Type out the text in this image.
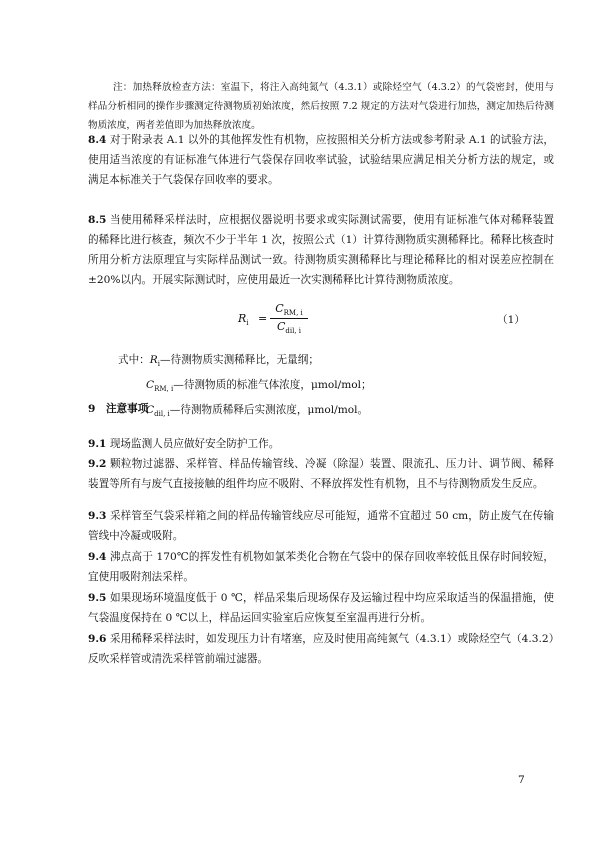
注：加热释放检查方法：室温下，将注入高纯氮气（4.3.1）或除烃空气（4.3.2）的气袋密封，使用与样品分析相同的操作步骤测定待测物质初始浓度，然后按照 7.2 规定的方法对气袋进行加热，测定加热后待测物质浓度，两者差值即为加热释放浓度。
8.4 对于附录表 A.1 以外的其他挥发性有机物，应按照相关分析方法或参考附录 A.1 的试验方法，使用适当浓度的有证标准气体进行气袋保存回收率试验，试验结果应满足相关分析方法的规定，或满足本标准关于气袋保存回收率的要求。
8.5 当使用稀释采样法时，应根据仪器说明书要求或实际测试需要，使用有证标准气体对稀释装置的稀释比进行核查，频次不少于半年 1 次，按照公式（1）计算待测物质实测稀释比。稀释比核查时所用分析方法原理宜与实际样品测试一致。待测物质实测稀释比与理论稀释比的相对误差应控制在±20%以内。开展实际测试时，应使用最近一次实测稀释比计算待测物质浓度。
$R_i$ =
$C_{RM, i}$
$C_{dil, i}$
（1）
式中：$R_i—$待测物质实测稀释比，无量纲；
$C_{RM, i}—$待测物质的标准气体浓度，μmol/mol；
$C_{dil, i}—$待测物质稀释后实测浓度，μmol/mol。
9　注意事项
9.1 现场监测人员应做好安全防护工作。
9.2 颗粒物过滤器、采样管、样品传输管线、冷凝（除湿）装置、限流孔、压力计、调节阀、稀释装置等所有与废气直接接触的组件均应不吸附、不释放挥发性有机物，且不与待测物质发生反应。
9.3 采样管至气袋采样箱之间的样品传输管线应尽可能短，通常不宜超过 50 cm，防止废气在传输管线中冷凝或吸附。
9.4 沸点高于 170℃的挥发性有机物如氯苯类化合物在气袋中的保存回收率较低且保存时间较短，宜使用吸附剂法采样。
9.5 如果现场环境温度低于 0 ℃，样品采集后现场保存及运输过程中均应采取适当的保温措施，使气袋温度保持在 0 ℃以上，样品运回实验室后应恢复至室温再进行分析。
9.6 采用稀释采样法时，如发现压力计有堵塞，应及时使用高纯氮气（4.3.1）或除烃空气（4.3.2）反吹采样管或清洗采样管前端过滤器。
7
